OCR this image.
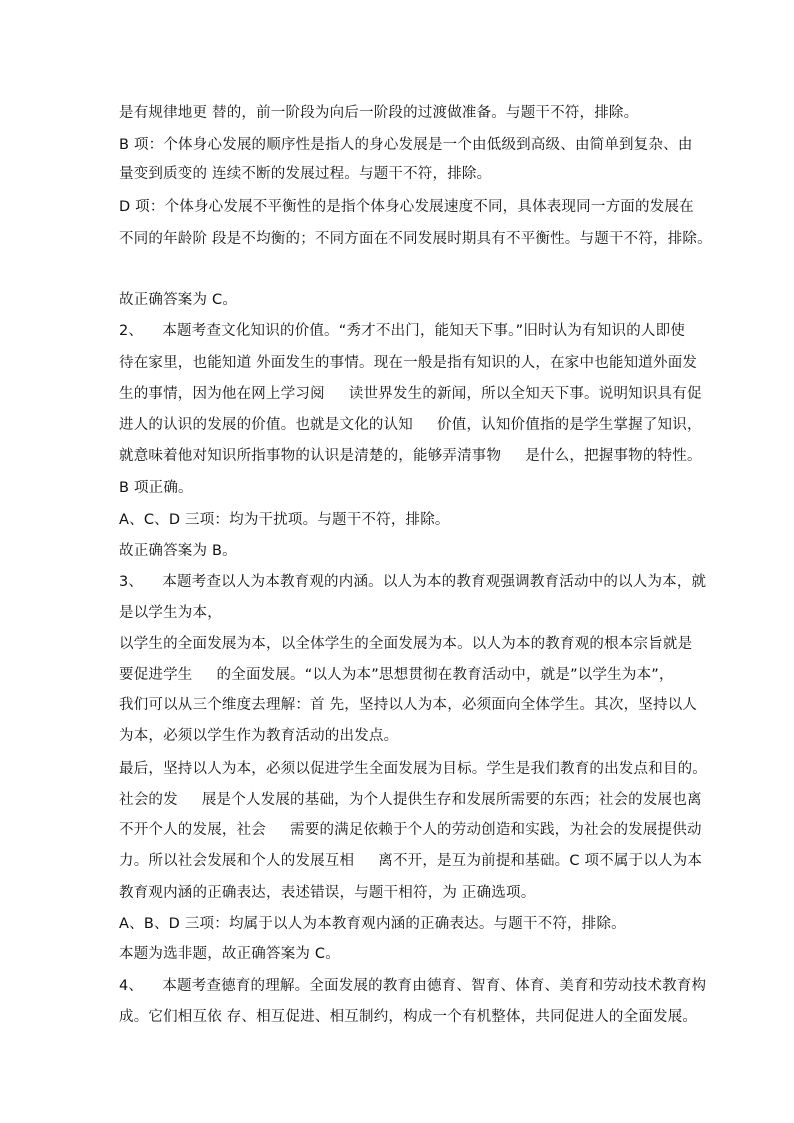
是有规律地更 替的，前一阶段为向后一阶段的过渡做准备。与题干不符，排除。
B 项：个体身心发展的顺序性是指人的身心发展是一个由低级到高级、由简单到复杂、由
量变到质变的 连续不断的发展过程。与题干不符，排除。
D 项：个体身心发展不平衡性的是指个体身心发展速度不同，具体表现同一方面的发展在
不同的年龄阶 段是不均衡的；不同方面在不同发展时期具有不平衡性。与题干不符，排除。
故正确答案为 C。
2、    本题考查文化知识的价值。“秀才不出门，能知天下事。”旧时认为有知识的人即使
待在家里，也能知道 外面发生的事情。现在一般是指有知识的人，在家中也能知道外面发
生的事情，因为他在网上学习阅     读世界发生的新闻，所以全知天下事。说明知识具有促
进人的认识的发展的价值。也就是文化的认知     价值，认知价值指的是学生掌握了知识，
就意味着他对知识所指事物的认识是清楚的，能够弄清事物     是什么，把握事物的特性。
B 项正确。
A、C、D 三项：均为干扰项。与题干不符，排除。
故正确答案为 B。
3、    本题考查以人为本教育观的内涵。以人为本的教育观强调教育活动中的以人为本，就
是以学生为本，
以学生的全面发展为本，以全体学生的全面发展为本。以人为本的教育观的根本宗旨就是
要促进学生     的全面发展。“以人为本”思想贯彻在教育活动中，就是”以学生为本”，
我们可以从三个维度去理解：首 先，坚持以人为本，必须面向全体学生。其次，坚持以人
为本，必须以学生作为教育活动的出发点。
最后，坚持以人为本，必须以促进学生全面发展为目标。学生是我们教育的出发点和目的。
社会的发     展是个人发展的基础，为个人提供生存和发展所需要的东西；社会的发展也离
不开个人的发展，社会     需要的满足依赖于个人的劳动创造和实践，为社会的发展提供动
力。所以社会发展和个人的发展互相     离不开，是互为前提和基础。C 项不属于以人为本
教育观内涵的正确表达，表述错误，与题干相符，为 正确选项。
A、B、D 三项：均属于以人为本教育观内涵的正确表达。与题干不符，排除。
本题为选非题，故正确答案为 C。
4、    本题考查德育的理解。全面发展的教育由德育、智育、体育、美育和劳动技术教育构
成。它们相互依 存、相互促进、相互制约，构成一个有机整体，共同促进人的全面发展。
